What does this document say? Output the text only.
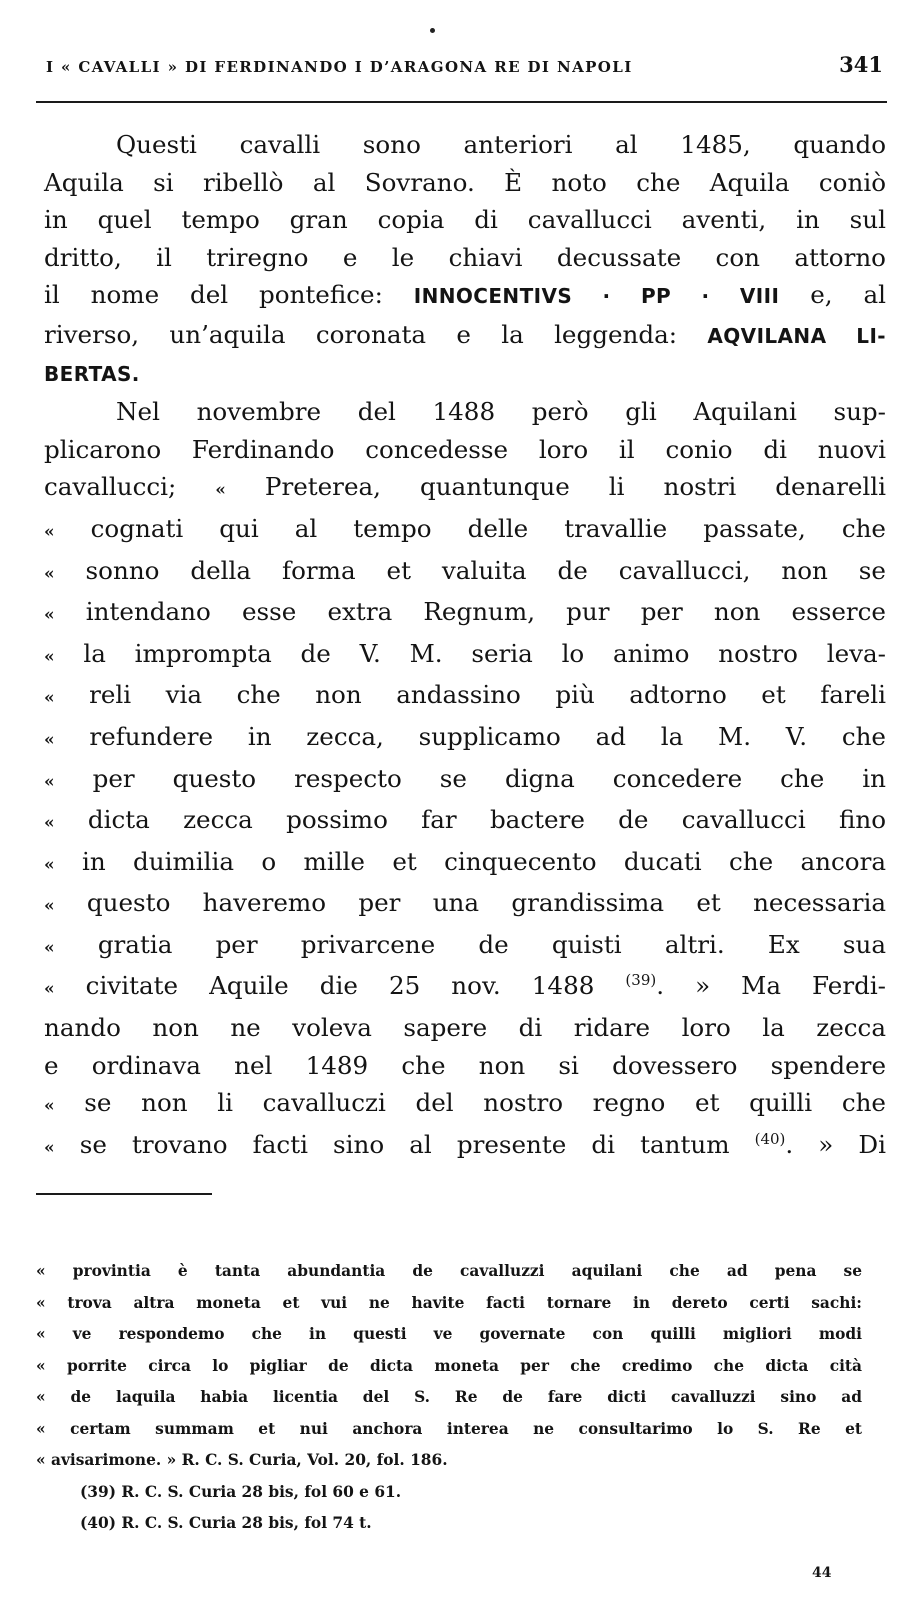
I « CAVALLI » DI FERDINANDO I D’ARAGONA RE DI NAPOLI	341

Questi cavalli sono anteriori al 1485, quando
Aquila si ribellò al Sovrano. È noto che Aquila coniò
in quel tempo gran copia di cavallucci aventi, in sul
dritto, il triregno e le chiavi decussate con attorno
il nome del pontefice: INNOCENTIVS · PP · VIII e, al
riverso, un’aquila coronata e la leggenda: AQVILANA LI-
BERTAS.

Nel novembre del 1488 però gli Aquilani sup-
plicarono Ferdinando concedesse loro il conio di nuovi
cavallucci; « Preterea, quantunque li nostri denarelli
« cognati qui al tempo delle travallie passate, che
« sonno della forma et valuita de cavallucci, non se
« intendano esse extra Regnum, pur per non esserce
« la imprompta de V. M. seria lo animo nostro leva-
« reli via che non andassino più adtorno et fareli
« refundere in zecca, supplicamo ad la M. V. che
« per questo respecto se digna concedere che in
« dicta zecca possimo far bactere de cavallucci fino
« in duimilia o mille et cinquecento ducati che ancora
« questo haveremo per una grandissima et necessaria
« gratia per privarcene de quisti altri. Ex sua
« civitate Aquile die 25 nov. 1488 $^{(39)}$. » Ma Ferdi-
nando non ne voleva sapere di ridare loro la zecca
e ordinava nel 1489 che non si dovessero spendere
« se non li cavalluczi del nostro regno et quilli che
« se trovano facti sino al presente di tantum $^{(40)}$. » Di

« provintia è tanta abundantia de cavalluzzi aquilani che ad pena se
« trova altra moneta et vui ne havite facti tornare in dereto certi sachi:
« ve respondemo che in questi ve governate con quilli migliori modi
« porrite circa lo pigliar de dicta moneta per che credimo che dicta cità
« de laquila habia licentia del S. Re de fare dicti cavalluzzi sino ad
« certam summam et nui anchora interea ne consultarimo lo S. Re et
« avisarimone. » R. C. S. Curia, Vol. 20, fol. 186.
(39) R. C. S. Curia 28 bis, fol 60 e 61.
(40) R. C. S. Curia 28 bis, fol 74 t.
44
